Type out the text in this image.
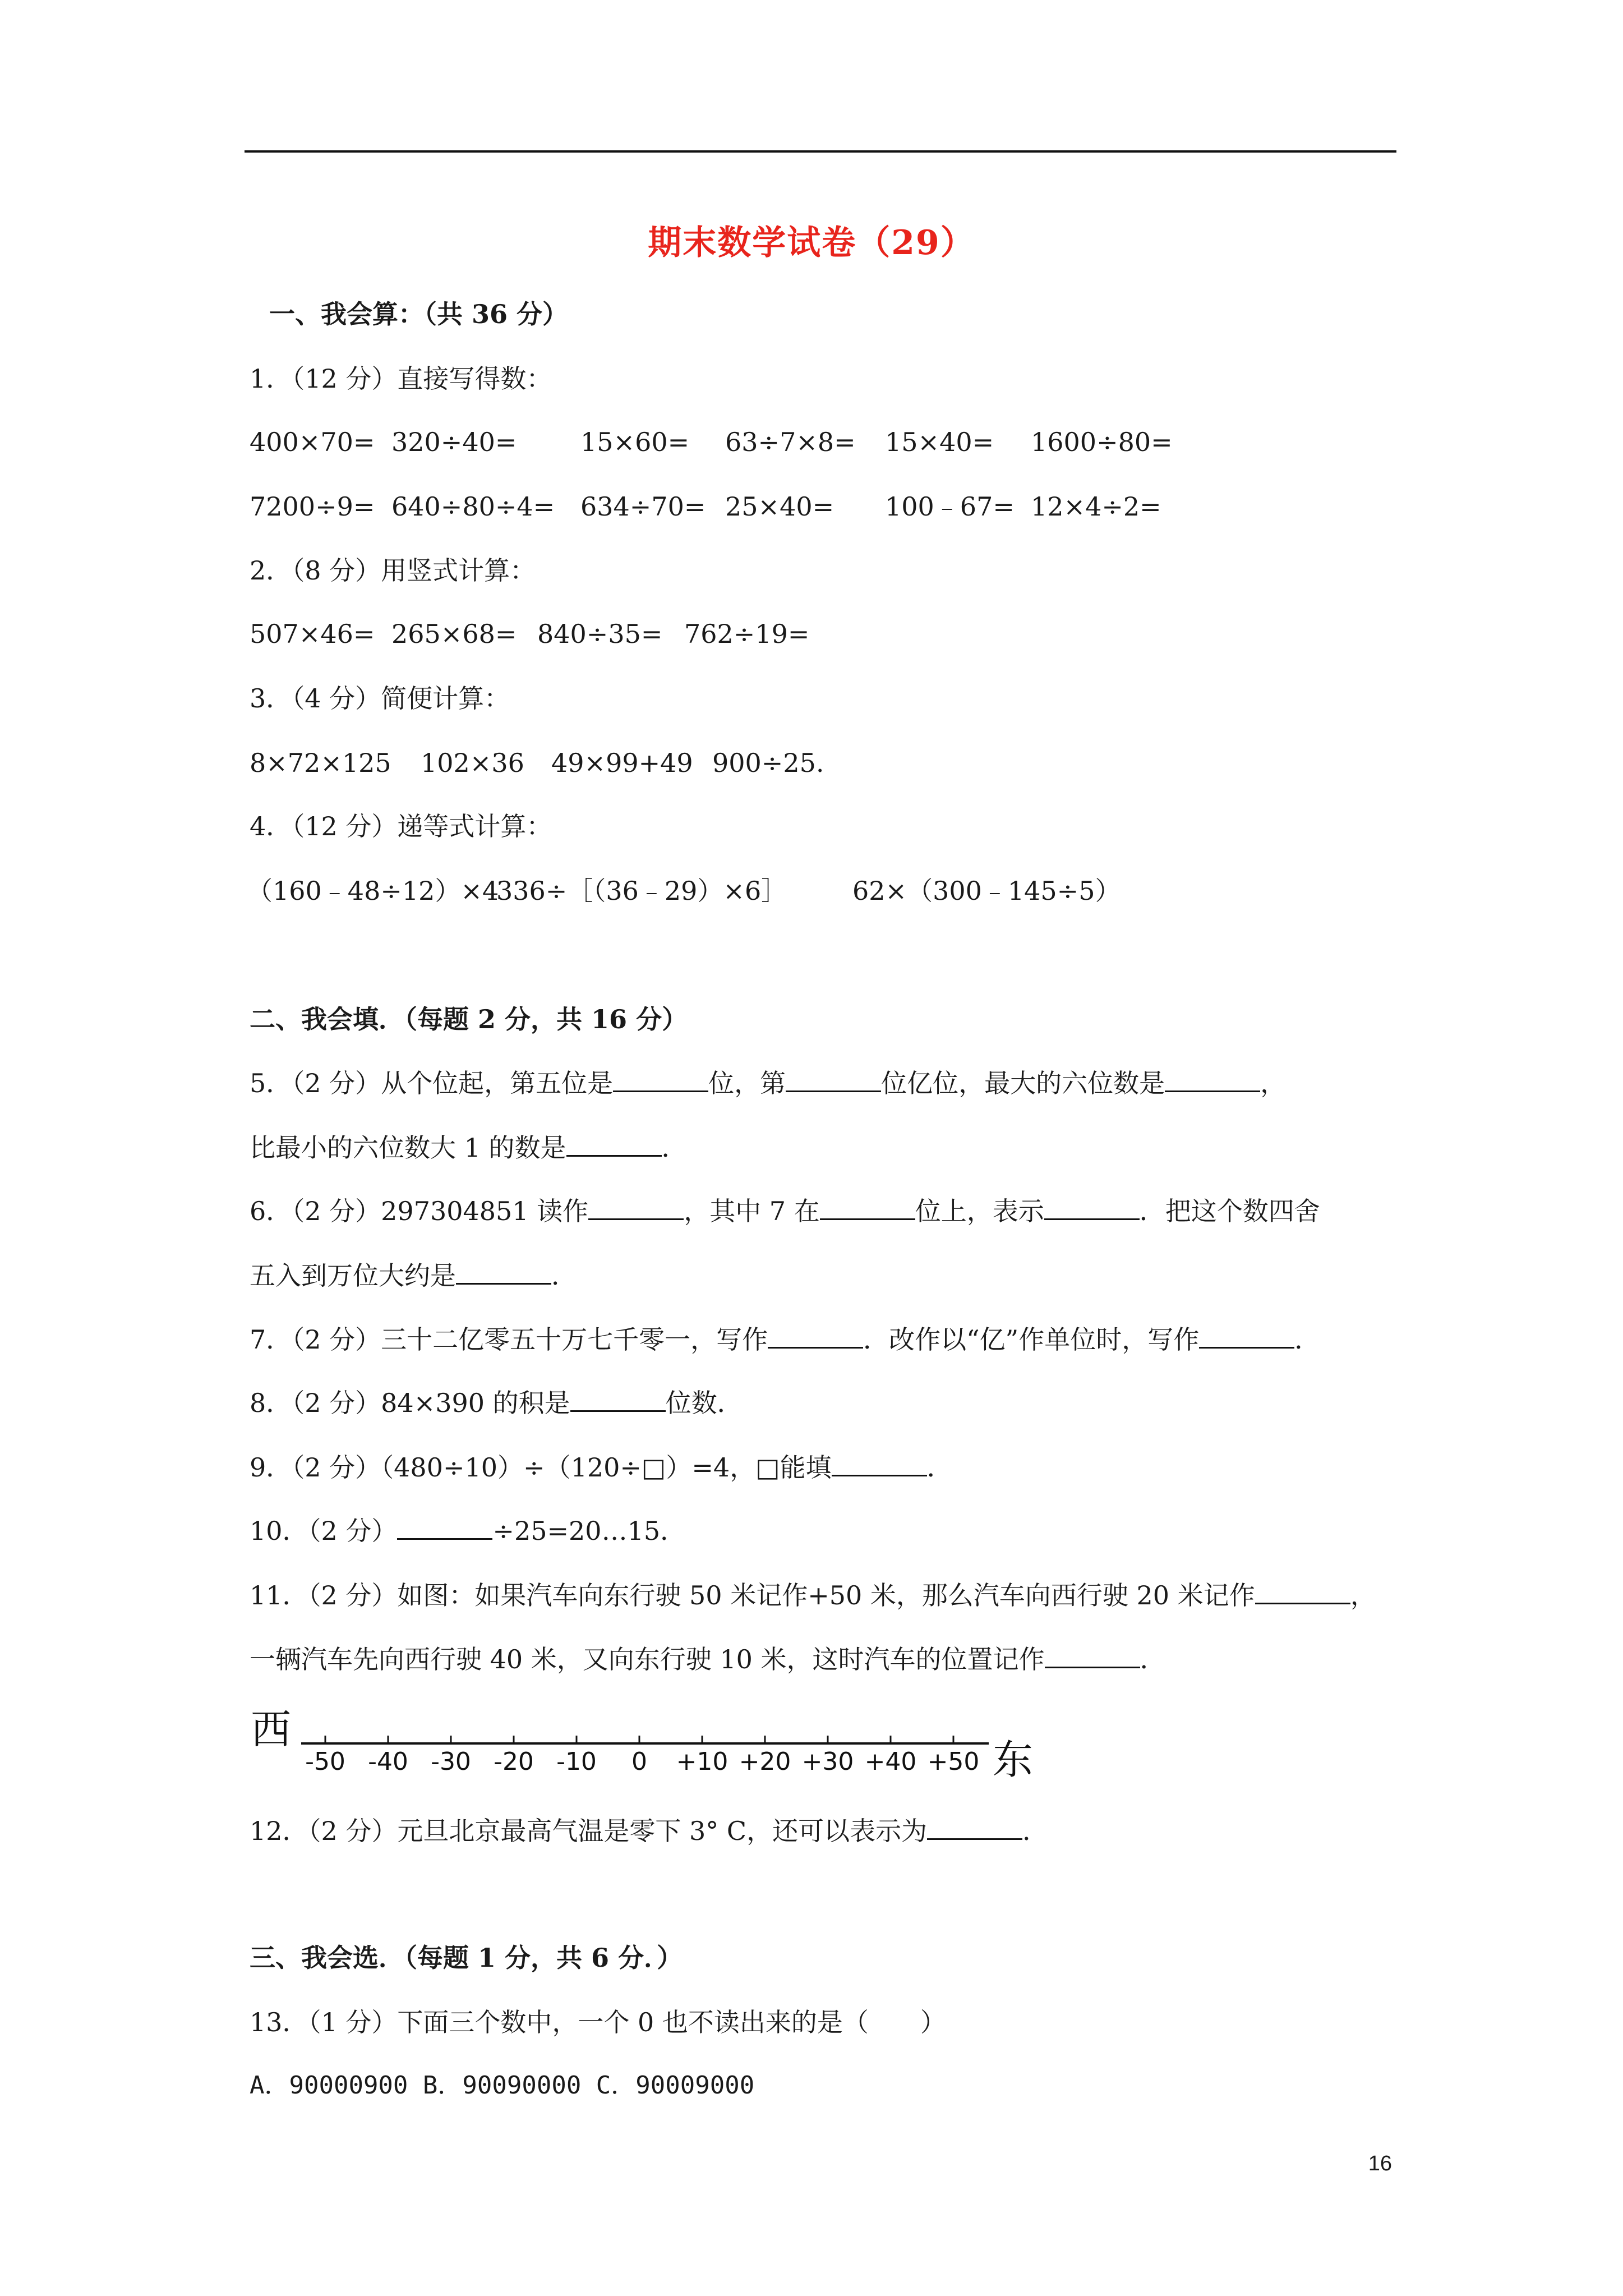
期末数学试卷（29）
一、我会算：（共 36 分）
1．（12 分）直接写得数：
400×70= 320÷40= 15×60= 63÷7×8= 15×40= 1600÷80=
7200÷9= 640÷80÷4= 634÷70= 25×40= 100﹣67= 12×4÷2=
2．（8 分）用竖式计算：
507×46= 265×68= 840÷35= 762÷19=
3．（4 分）简便计算：
8×72×125 102×36 49×99+49 900÷25.
4．（12 分）递等式计算：
（160﹣48÷12）×4
336÷［（36﹣29）×6］	62×（300﹣145÷5）
二、我会填．（每题 2 分，共 16 分）
5．（2 分）从个位起，第五位是	位，第	位亿位，最大的六位数是	，
比最小的六位数大 1 的数是	．
6．（2 分）297304851 读作	，其中 7 在	位上，表示	．把这个数四舍
五入到万位大约是	．
7．（2 分）三十二亿零五十万七千零一，写作	．改作以“亿”作单位时，写作	．
8．（2 分）84×390 的积是	位数．
9．（2 分）（480÷10）÷（120÷□）=4，□能填	．
10．（2 分）	÷25=20…15．
11．（2 分）如图：如果汽车向东行驶 50 米记作+50 米，那么汽车向西行驶 20 米记作	，
一辆汽车先向西行驶 40 米，又向东行驶 10 米，这时汽车的位置记作	．
西
-50 -40 -30 -20 -10 0 +10 +20 +30 +40 +50 东
12．（2 分）元旦北京最高气温是零下 3° C，还可以表示为	．
三、我会选．（每题 1 分，共 6 分．）
13．（1 分）下面三个数中，一个 0 也不读出来的是（　　）
A．90000900 B．90090000 C．90009000
16
